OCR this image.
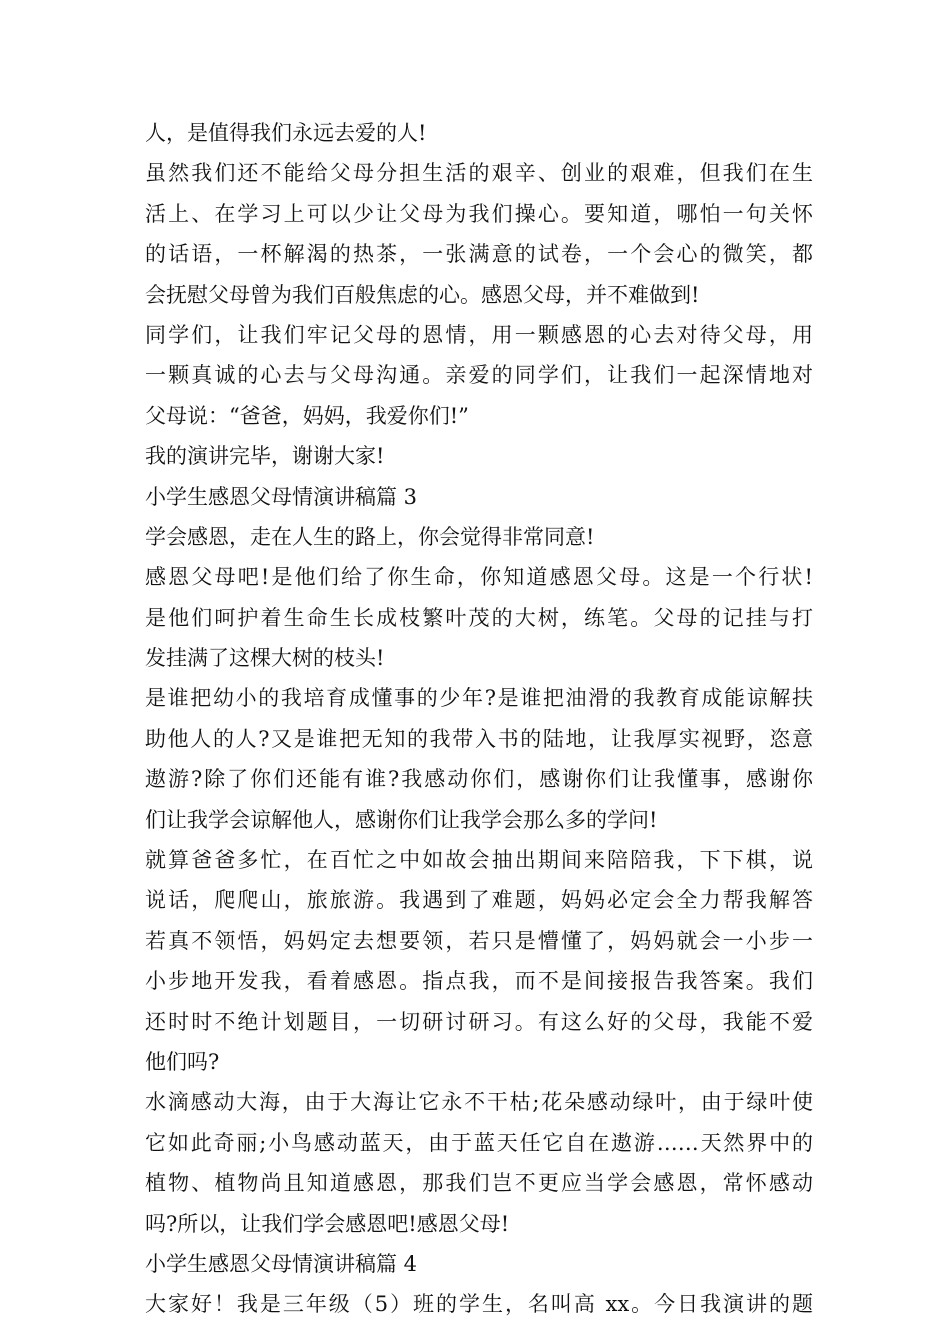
人，是值得我们永远去爱的人!
虽然我们还不能给父母分担生活的艰辛、创业的艰难，但我们在生
活上、在学习上可以少让父母为我们操心。要知道，哪怕一句关怀
的话语，一杯解渴的热茶，一张满意的试卷，一个会心的微笑，都
会抚慰父母曾为我们百般焦虑的心。感恩父母，并不难做到!
同学们，让我们牢记父母的恩情，用一颗感恩的心去对待父母，用
一颗真诚的心去与父母沟通。亲爱的同学们，让我们一起深情地对
父母说：“爸爸，妈妈，我爱你们!”
我的演讲完毕，谢谢大家!
小学生感恩父母情演讲稿篇 3
学会感恩，走在人生的路上，你会觉得非常同意!
感恩父母吧!是他们给了你生命，你知道感恩父母。这是一个行状!
是他们呵护着生命生长成枝繁叶茂的大树，练笔。父母的记挂与打
发挂满了这棵大树的枝头!
是谁把幼小的我培育成懂事的少年?是谁把油滑的我教育成能谅解扶
助他人的人?又是谁把无知的我带入书的陆地，让我厚实视野，恣意
遨游?除了你们还能有谁?我感动你们，感谢你们让我懂事，感谢你
们让我学会谅解他人，感谢你们让我学会那么多的学问!
就算爸爸多忙，在百忙之中如故会抽出期间来陪陪我，下下棋，说
说话，爬爬山，旅旅游。我遇到了难题，妈妈必定会全力帮我解答
若真不领悟，妈妈定去想要领，若只是懵懂了，妈妈就会一小步一
小步地开发我，看着感恩。指点我，而不是间接报告我答案。我们
还时时不绝计划题目，一切研讨研习。有这么好的父母，我能不爱
他们吗?
水滴感动大海，由于大海让它永不干枯;花朵感动绿叶，由于绿叶使
它如此奇丽;小鸟感动蓝天，由于蓝天任它自在遨游……天然界中的
植物、植物尚且知道感恩，那我们岂不更应当学会感恩，常怀感动
吗?所以，让我们学会感恩吧!感恩父母!
小学生感恩父母情演讲稿篇 4
大家好！我是三年级（5）班的学生，名叫高 xx。今日我演讲的题
